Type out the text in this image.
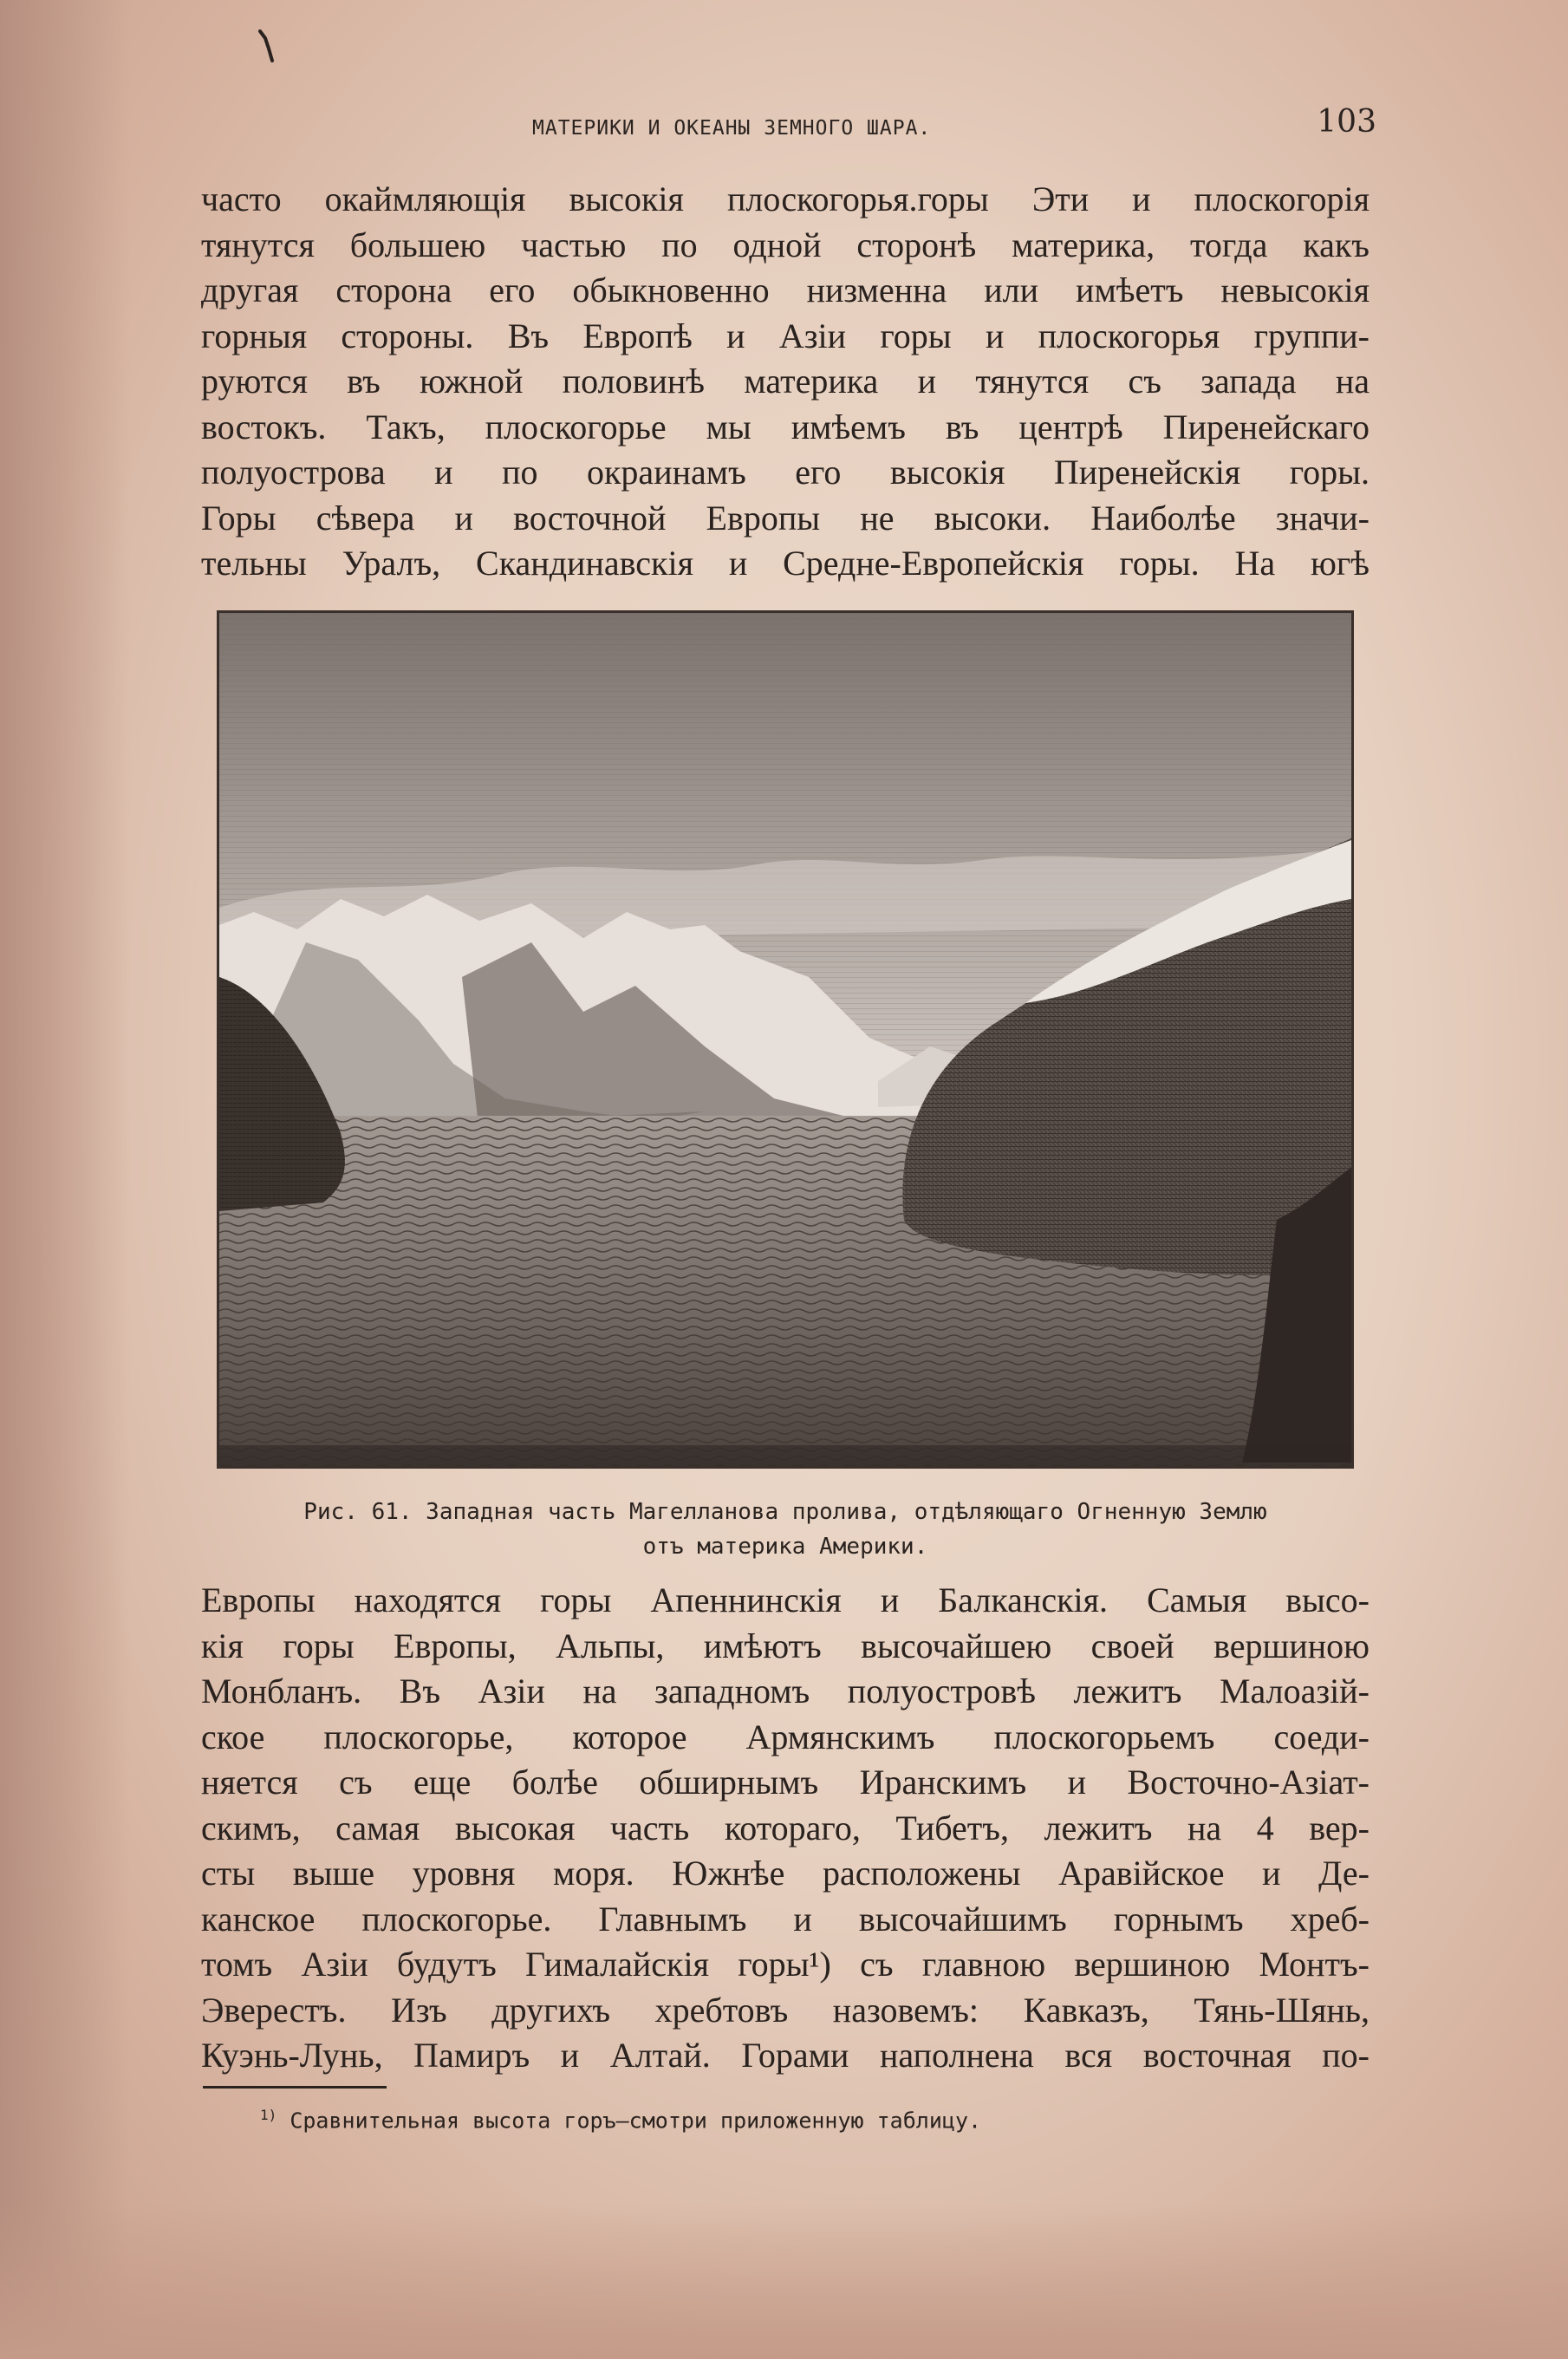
МАТЕРИКИ И ОКЕАНЫ ЗЕМНОГО ШАРА.	103
часто окаймляющія высокія плоскогорья.горы Эти и плоскогорія
тянутся большею частью по одной сторонѣ материка, тогда какъ
другая сторона его обыкновенно низменна или имѣетъ невысокія
горныя стороны. Въ Европѣ и Азіи горы и плоскогорья группи-
руются въ южной половинѣ материка и тянутся съ запада на
востокъ. Такъ, плоскогорье мы имѣемъ въ центрѣ Пиренейскаго
полуострова и по окраинамъ его высокія Пиренейскія горы.
Горы сѣвера и восточной Европы не высоки. Наиболѣе значи-
тельны Уралъ, Скандинавскія и Средне-Европейскія горы. На югѣ
Рис. 61. Западная часть Магелланова пролива, отдѣляющаго Огненную Землю
отъ материка Америки.
Европы находятся горы Апеннинскія и Балканскія. Самыя высо-
кія горы Европы, Альпы, имѣютъ высочайшею своей вершиною
Монбланъ. Въ Азіи на западномъ полуостровѣ лежитъ Малоазій-
ское плоскогорье, которое Армянскимъ плоскогорьемъ соеди-
няется съ еще болѣе обширнымъ Иранскимъ и Восточно-Азіат-
скимъ, самая высокая часть котораго, Тибетъ, лежитъ на 4 вер-
сты выше уровня моря. Южнѣе расположены Аравійское и Де-
канское плоскогорье. Главнымъ и высочайшимъ горнымъ хреб-
томъ Азіи будутъ Гималайскія горы¹) съ главною вершиною Монтъ-
Эверестъ. Изъ другихъ хребтовъ назовемъ: Кавказъ, Тянь-Шянь,
Куэнь-Лунь, Памиръ и Алтай. Горами наполнена вся восточная по-
$^{1)}$ Сравнительная высота горъ—смотри приложенную таблицу.
